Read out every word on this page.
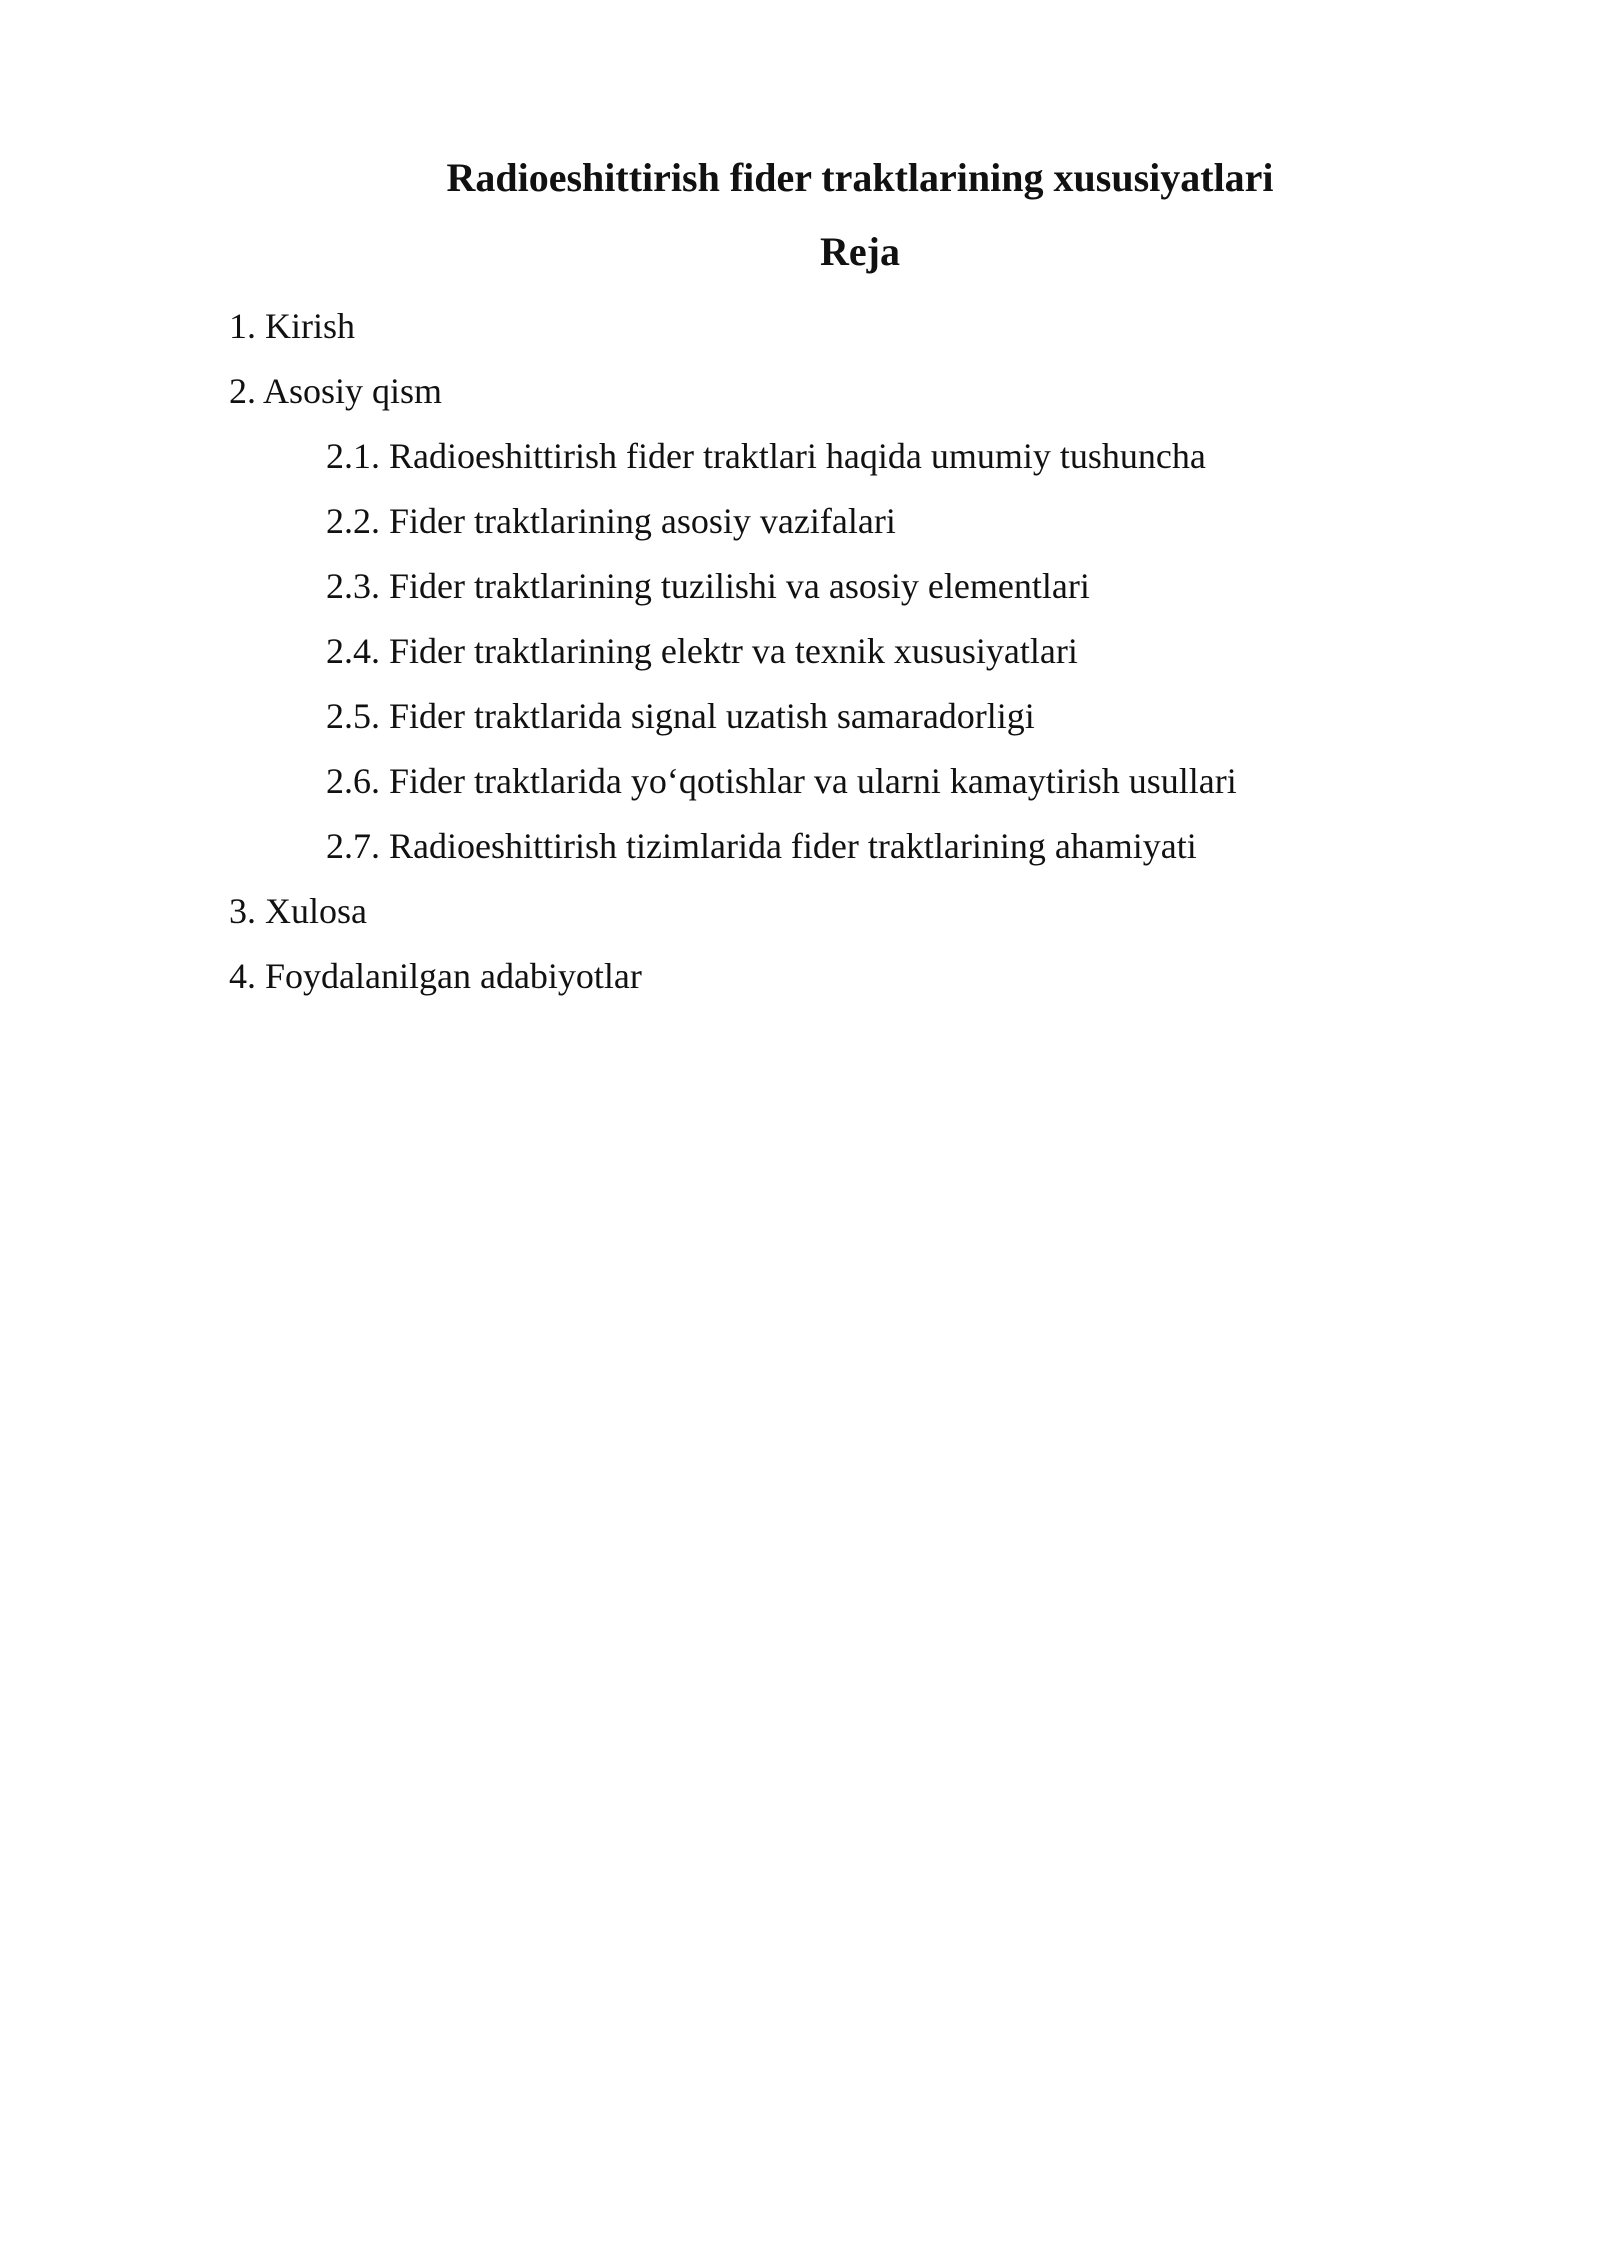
Radioeshittirish fider traktlarining xususiyatlari
Reja
1. Kirish
2. Asosiy qism
2.1. Radioeshittirish fider traktlari haqida umumiy tushuncha
2.2. Fider traktlarining asosiy vazifalari
2.3. Fider traktlarining tuzilishi va asosiy elementlari
2.4. Fider traktlarining elektr va texnik xususiyatlari
2.5. Fider traktlarida signal uzatish samaradorligi
2.6. Fider traktlarida yo‘qotishlar va ularni kamaytirish usullari
2.7. Radioeshittirish tizimlarida fider traktlarining ahamiyati
3. Xulosa
4. Foydalanilgan adabiyotlar
